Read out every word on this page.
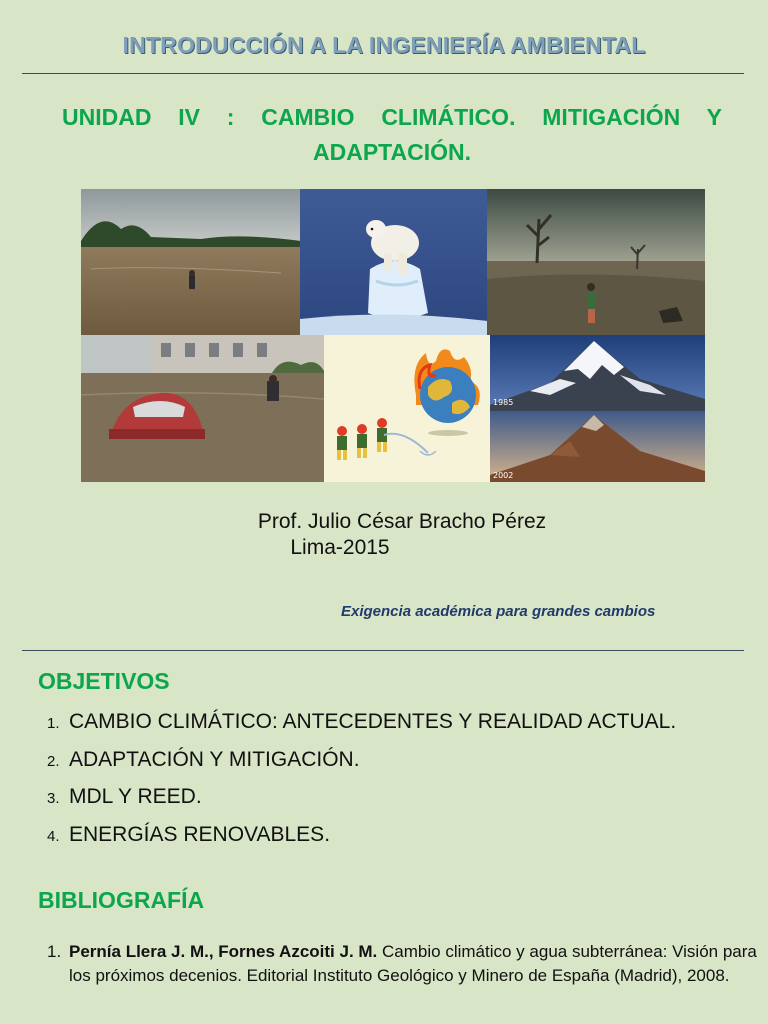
INTRODUCCIÓN A LA INGENIERÍA AMBIENTAL
UNIDAD IV : CAMBIO CLIMÁTICO. MITIGACIÓN Y ADAPTACIÓN.
1985
2002
Prof. Julio César Bracho Pérez
Lima-2015
Exigencia académica para grandes cambios
OBJETIVOS
1. CAMBIO CLIMÁTICO: ANTECEDENTES Y REALIDAD ACTUAL.
2. ADAPTACIÓN Y MITIGACIÓN.
3. MDL Y REED.
4. ENERGÍAS RENOVABLES.
BIBLIOGRAFÍA
1. Pernía Llera J. M., Fornes Azcoiti J. M. Cambio climático y agua subterránea: Visión para los próximos decenios. Editorial Instituto Geológico y Minero de España (Madrid), 2008.
